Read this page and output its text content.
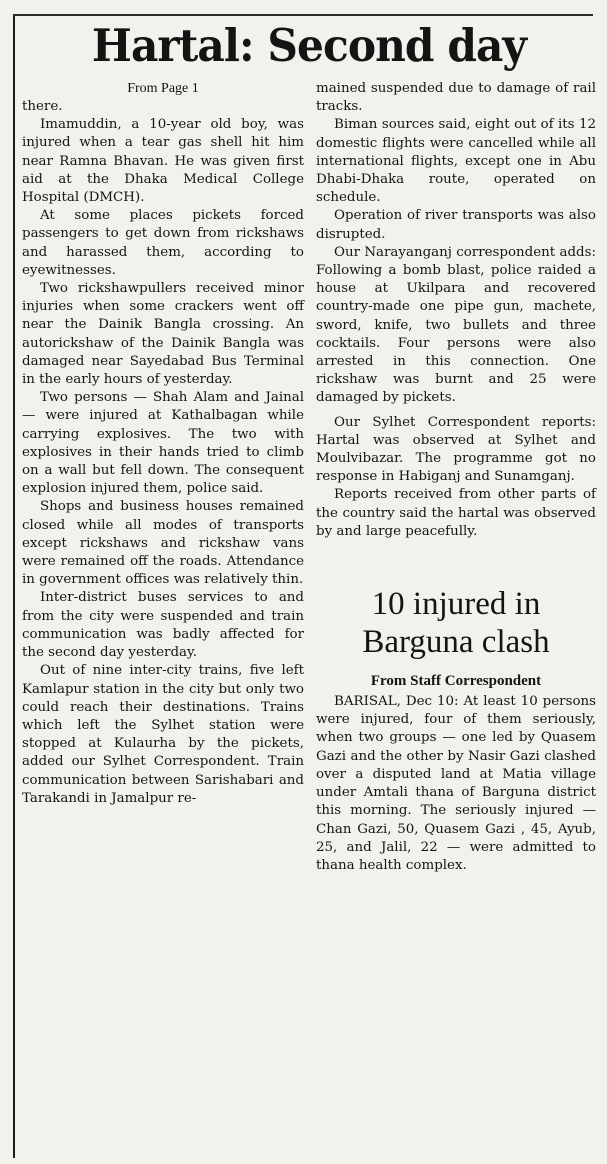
Hartal: Second day
From Page 1

there.

Imamuddin, a 10-year old boy, was injured when a tear gas shell hit him near Ramna Bhavan. He was given first aid at the Dhaka Medical College Hospital (DMCH).

At some places pickets forced passengers to get down from rickshaws and harassed them, according to eyewitnesses.

Two rickshawpullers received minor injuries when some crackers went off near the Dainik Bangla crossing. An autorickshaw of the Dainik Bangla was damaged near Sayedabad Bus Terminal in the early hours of yesterday.

Two persons — Shah Alam and Jainal — were injured at Kathalbagan while carrying explosives. The two with explosives in their hands tried to climb on a wall but fell down. The consequent explosion injured them, police said.

Shops and business houses remained closed while all modes of transports except rickshaws and rickshaw vans were remained off the roads. Attendance in government offices was relatively thin.

Inter-district buses services to and from the city were suspended and train communication was badly affected for the second day yesterday.

Out of nine inter-city trains, five left Kamlapur station in the city but only two could reach their destinations. Trains which left the Sylhet station were stopped at Kulaurha by the pickets, added our Sylhet Correspondent. Train communication between Sarishabari and Tarakandi in Jamalpur re-

mained suspended due to damage of rail tracks.

Biman sources said, eight out of its 12 domestic flights were cancelled while all international flights, except one in Abu Dhabi-Dhaka route, operated on schedule.

Operation of river transports was also disrupted.

Our Narayanganj correspondent adds: Following a bomb blast, police raided a house at Ukilpara and recovered country-made one pipe gun, machete, sword, knife, two bullets and three cocktails. Four persons were also arrested in this connection. One rickshaw was burnt and 25 were damaged by pickets.

Our Sylhet Correspondent reports: Hartal was observed at Sylhet and Moulvibazar. The programme got no response in Habiganj and Sunamganj.

Reports received from other parts of the country said the hartal was observed by and large peacefully.

10 injured in
Barguna clash
From Staff Correspondent

BARISAL, Dec 10: At least 10 persons were injured, four of them seriously, when two groups — one led by Quasem Gazi and the other by Nasir Gazi clashed over a disputed land at Matia village under Amtali thana of Barguna district this morning. The seriously injured — Chan Gazi, 50, Quasem Gazi , 45, Ayub, 25, and Jalil, 22 — were admitted to thana health complex.
